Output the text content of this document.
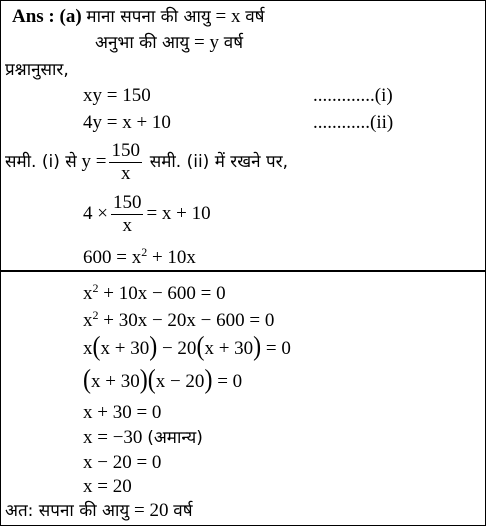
Ans : (a) माना सपना की आयु = x वर्ष
अनुभा की आयु = y वर्ष
प्रश्नानुसार,
xy = 150	.............(i)
4y = x + 10	............(ii)
समी. (i) से $y = \frac{150}{x}$ समी. (ii) में रखने पर,
$4 \times \frac{150}{x} = x + 10$
$600 = x^2 + 10x$
$x^2 + 10x - 600 = 0$
$x^2 + 30x - 20x - 600 = 0$
x(x + 30) − 20(x + 30) = 0
(x + 30)(x − 20) = 0
x + 30 = 0
x = −30 (अमान्य)
x − 20 = 0
x = 20
अत: सपना की आयु = 20 वर्ष
